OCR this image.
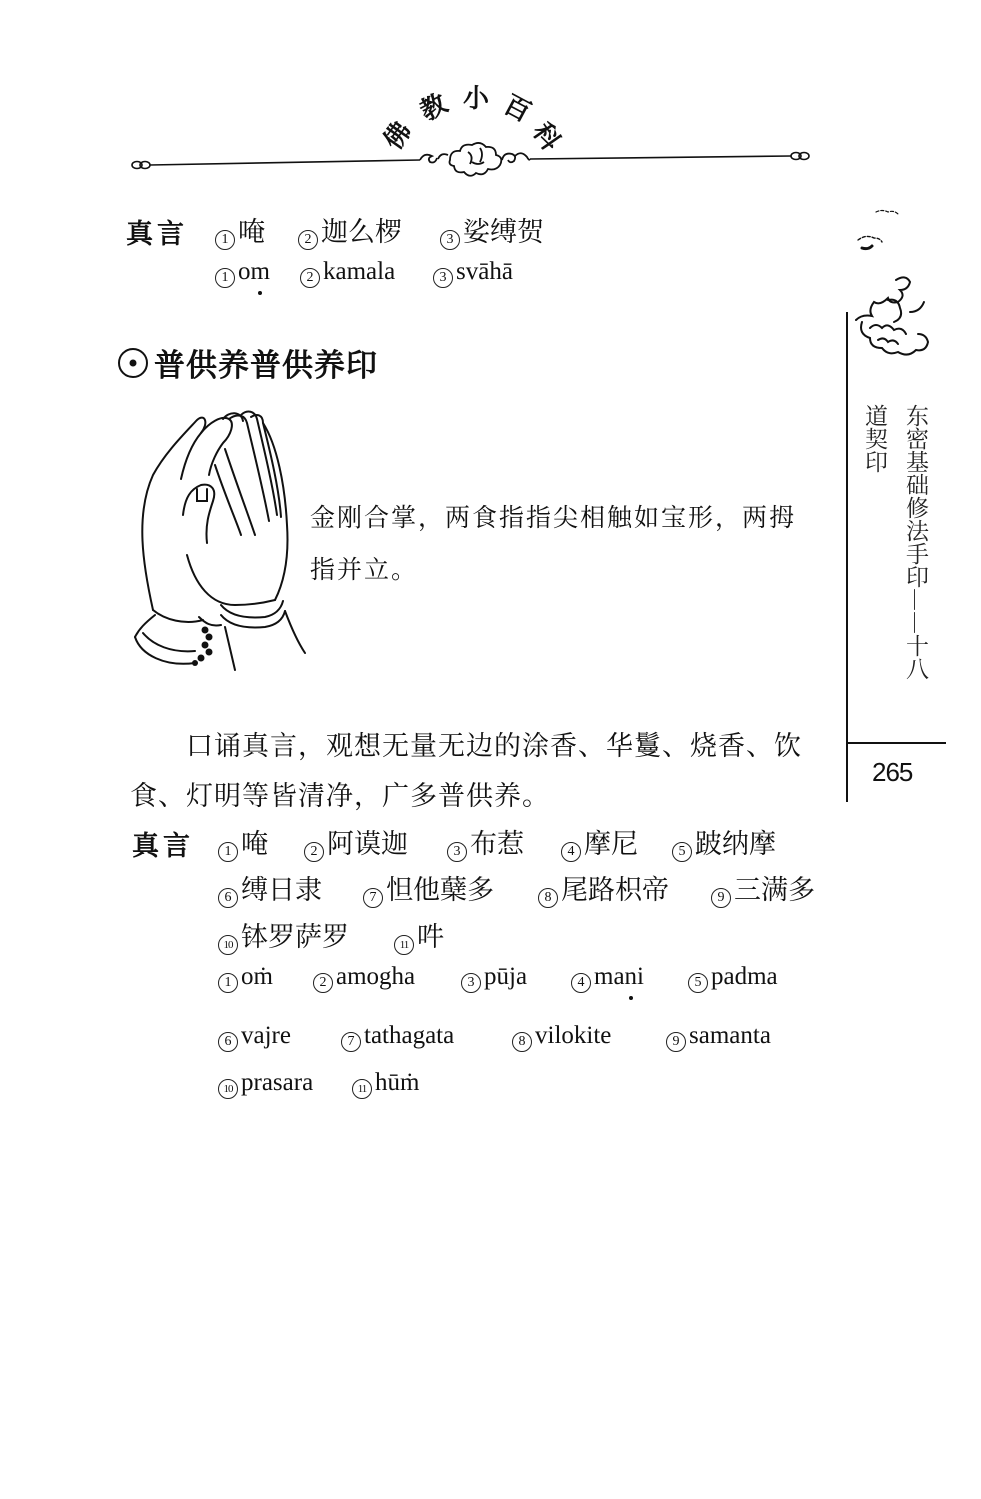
佛
教 小 百
科
真言	1 唵	2 迦么椤	3 娑缚贺
1 om	2 kamala	3 svāhā
普供养普供养印
金刚合掌，两食指指尖相触如宝形，两拇
指并立。
口诵真言，观想无量无边的涂香、华鬘、烧香、饮
食、灯明等皆清净，广多普供养。
真言	1 唵	2 阿谟迦	3 布惹	4 摩尼	5 跛纳摩
6 缚日隶	7 怛他蘖多	8 尾路枳帝	9 三满多
10 钵罗萨罗	11 吽
1 oṁ	2 amogha	3 pūja	4 mani	5 padma
6 vajre	7 tathagata	8 vilokite	9 samanta
10 prasara	11 hūṁ
东密基础修法手印——十八
道契印
265
